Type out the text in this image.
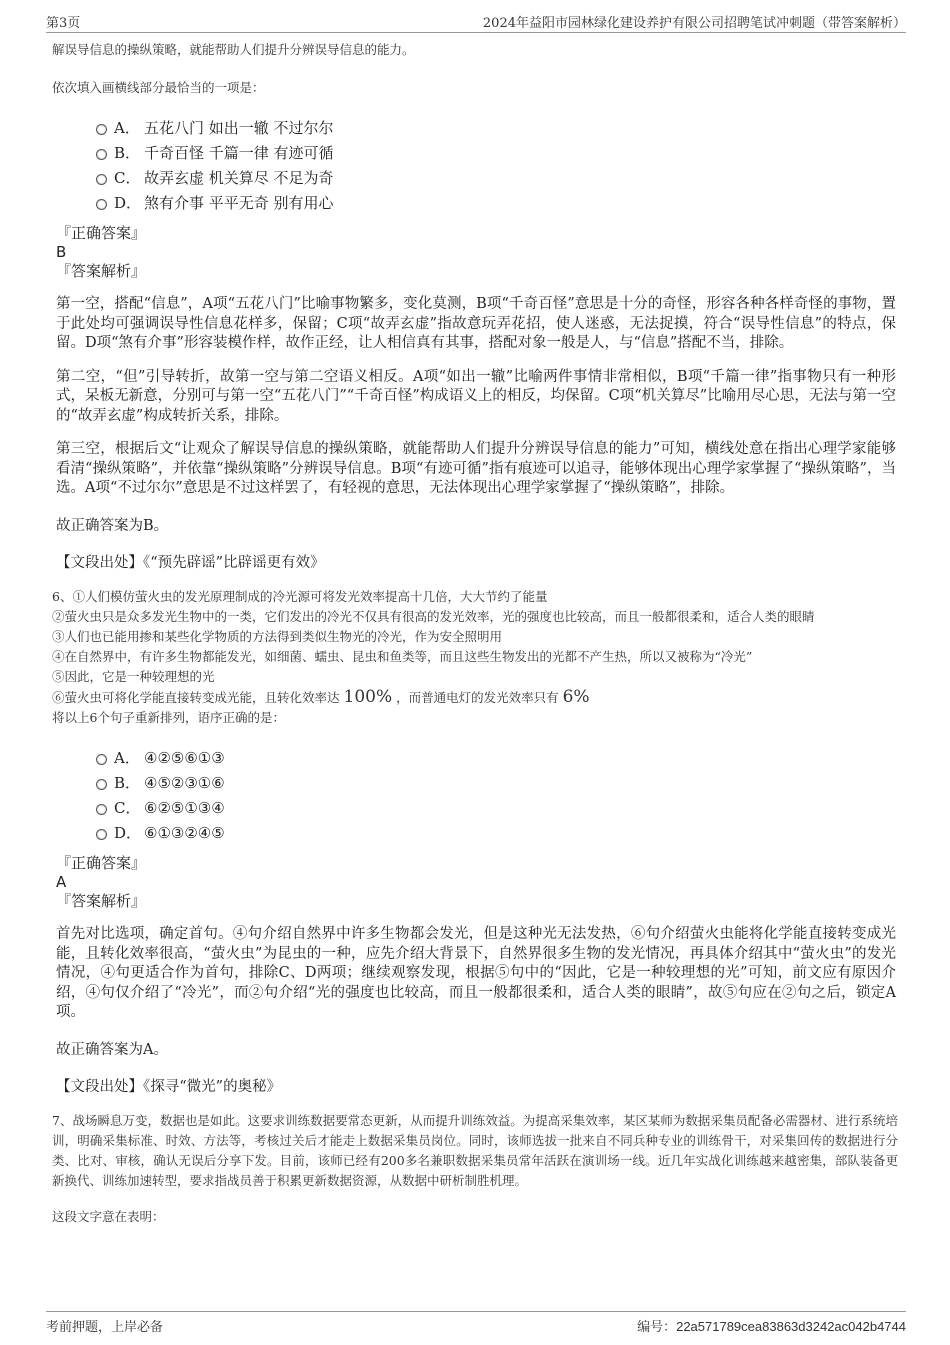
第3页	2024年益阳市园林绿化建设养护有限公司招聘笔试冲刺题（带答案解析）
解误导信息的操纵策略，就能帮助人们提升分辨误导信息的能力。
依次填入画横线部分最恰当的一项是：
A． 五花八门 如出一辙 不过尔尔
B． 千奇百怪 千篇一律 有迹可循
C． 故弄玄虚 机关算尽 不足为奇
D． 煞有介事 平平无奇 别有用心
『正确答案』
B
『答案解析』
第一空，搭配“信息”，A项“五花八门”比喻事物繁多，变化莫测，B项“千奇百怪”意思是十分的奇怪，形容各种各样奇怪的事物，置于此处均可强调误导性信息花样多，保留；C项“故弄玄虚”指故意玩弄花招，使人迷惑，无法捉摸，符合“误导性信息”的特点，保留。D项“煞有介事”形容装模作样，故作正经，让人相信真有其事，搭配对象一般是人，与“信息”搭配不当，排除。
第二空，“但”引导转折，故第一空与第二空语义相反。A项“如出一辙”比喻两件事情非常相似，B项“千篇一律”指事物只有一种形式，呆板无新意，分别可与第一空“五花八门”“千奇百怪”构成语义上的相反，均保留。C项“机关算尽”比喻用尽心思，无法与第一空的“故弄玄虚”构成转折关系，排除。
第三空，根据后文“让观众了解误导信息的操纵策略，就能帮助人们提升分辨误导信息的能力”可知，横线处意在指出心理学家能够看清“操纵策略”，并依靠“操纵策略”分辨误导信息。B项“有迹可循”指有痕迹可以追寻，能够体现出心理学家掌握了“操纵策略”，当选。A项“不过尔尔”意思是不过这样罢了，有轻视的意思，无法体现出心理学家掌握了“操纵策略”，排除。
故正确答案为B。
【文段出处】《“预先辟谣”比辟谣更有效》
6、①人们模仿萤火虫的发光原理制成的冷光源可将发光效率提高十几倍，大大节约了能量
②萤火虫只是众多发光生物中的一类，它们发出的冷光不仅具有很高的发光效率，光的强度也比较高，而且一般都很柔和，适合人类的眼睛
③人们也已能用掺和某些化学物质的方法得到类似生物光的冷光，作为安全照明用
④在自然界中，有许多生物都能发光，如细菌、蠕虫、昆虫和鱼类等，而且这些生物发出的光都不产生热，所以又被称为“冷光”
⑤因此，它是一种较理想的光
⑥萤火虫可将化学能直接转变成光能，且转化效率达 100% ，而普通电灯的发光效率只有 6%
将以上6个句子重新排列，语序正确的是：
A． ④②⑤⑥①③
B． ④⑤②③①⑥
C． ⑥②⑤①③④
D． ⑥①③②④⑤
『正确答案』
A
『答案解析』
首先对比选项，确定首句。④句介绍自然界中许多生物都会发光，但是这种光无法发热，⑥句介绍萤火虫能将化学能直接转变成光能，且转化效率很高，“萤火虫”为昆虫的一种，应先介绍大背景下，自然界很多生物的发光情况，再具体介绍其中“萤火虫”的发光情况，④句更适合作为首句，排除C、D两项；继续观察发现，根据⑤句中的“因此，它是一种较理想的光”可知，前文应有原因介绍，④句仅介绍了“冷光”，而②句介绍“光的强度也比较高，而且一般都很柔和，适合人类的眼睛”，故⑤句应在②句之后，锁定A项。
故正确答案为A。
【文段出处】《探寻“微光”的奥秘》
7、战场瞬息万变，数据也是如此。这要求训练数据要常态更新，从而提升训练效益。为提高采集效率，某区某师为数据采集员配备必需器材、进行系统培训，明确采集标准、时效、方法等，考核过关后才能走上数据采集员岗位。同时，该师选拔一批来自不同兵种专业的训练骨干，对采集回传的数据进行分类、比对、审核，确认无误后分享下发。目前，该师已经有200多名兼职数据采集员常年活跃在演训场一线。近几年实战化训练越来越密集，部队装备更新换代、训练加速转型，要求指战员善于积累更新数据资源，从数据中研析制胜机理。
这段文字意在表明：
考前押题，上岸必备	编号：22a571789cea83863d3242ac042b4744
